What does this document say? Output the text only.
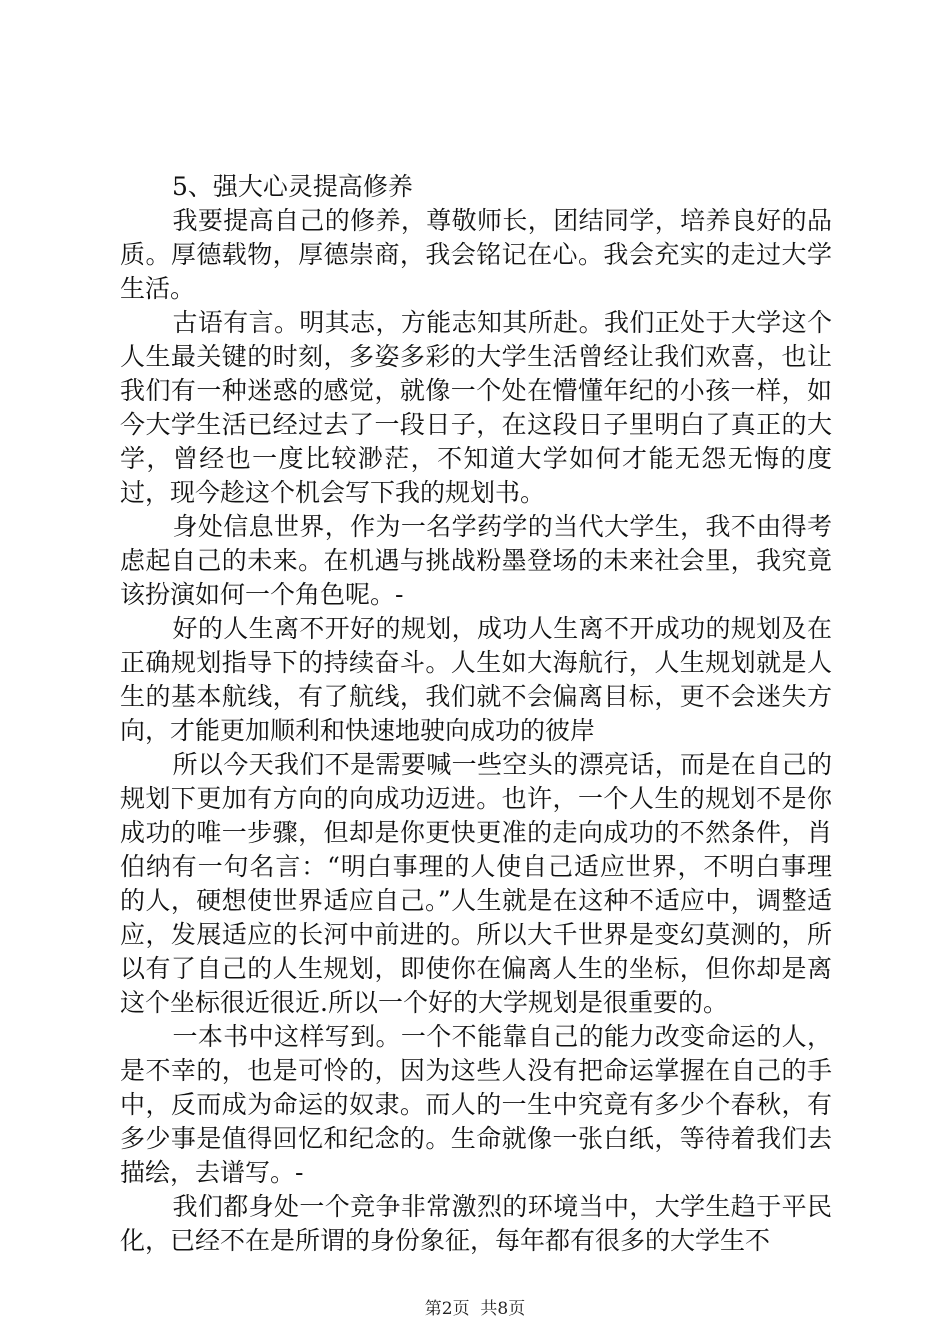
5、强大心灵提高修养

我要提高自己的修养，尊敬师长，团结同学，培养良好的品质。厚德载物，厚德崇商，我会铭记在心。我会充实的走过大学生活。

古语有言。明其志，方能志知其所赴。我们正处于大学这个人生最关键的时刻，多姿多彩的大学生活曾经让我们欢喜，也让我们有一种迷惑的感觉，就像一个处在懵懂年纪的小孩一样，如今大学生活已经过去了一段日子，在这段日子里明白了真正的大学，曾经也一度比较渺茫，不知道大学如何才能无怨无悔的度过，现今趁这个机会写下我的规划书。

身处信息世界，作为一名学药学的当代大学生，我不由得考虑起自己的未来。在机遇与挑战粉墨登场的未来社会里，我究竟该扮演如何一个角色呢。-

好的人生离不开好的规划，成功人生离不开成功的规划及在正确规划指导下的持续奋斗。人生如大海航行，人生规划就是人生的基本航线，有了航线，我们就不会偏离目标，更不会迷失方向，才能更加顺利和快速地驶向成功的彼岸

所以今天我们不是需要喊一些空头的漂亮话，而是在自己的规划下更加有方向的向成功迈进。也许，一个人生的规划不是你成功的唯一步骤，但却是你更快更准的走向成功的不然条件，肖伯纳有一句名言：“明白事理的人使自己适应世界，不明白事理的人，硬想使世界适应自己。”人生就是在这种不适应中，调整适应，发展适应的长河中前进的。所以大千世界是变幻莫测的，所以有了自己的人生规划，即使你在偏离人生的坐标，但你却是离这个坐标很近很近.所以一个好的大学规划是很重要的。

一本书中这样写到。一个不能靠自己的能力改变命运的人，是不幸的，也是可怜的，因为这些人没有把命运掌握在自己的手中，反而成为命运的奴隶。而人的一生中究竟有多少个春秋，有多少事是值得回忆和纪念的。生命就像一张白纸，等待着我们去描绘，去谱写。-

我们都身处一个竞争非常激烈的环境当中，大学生趋于平民化，已经不在是所谓的身份象征，每年都有很多的大学生不

第2页  共8页
